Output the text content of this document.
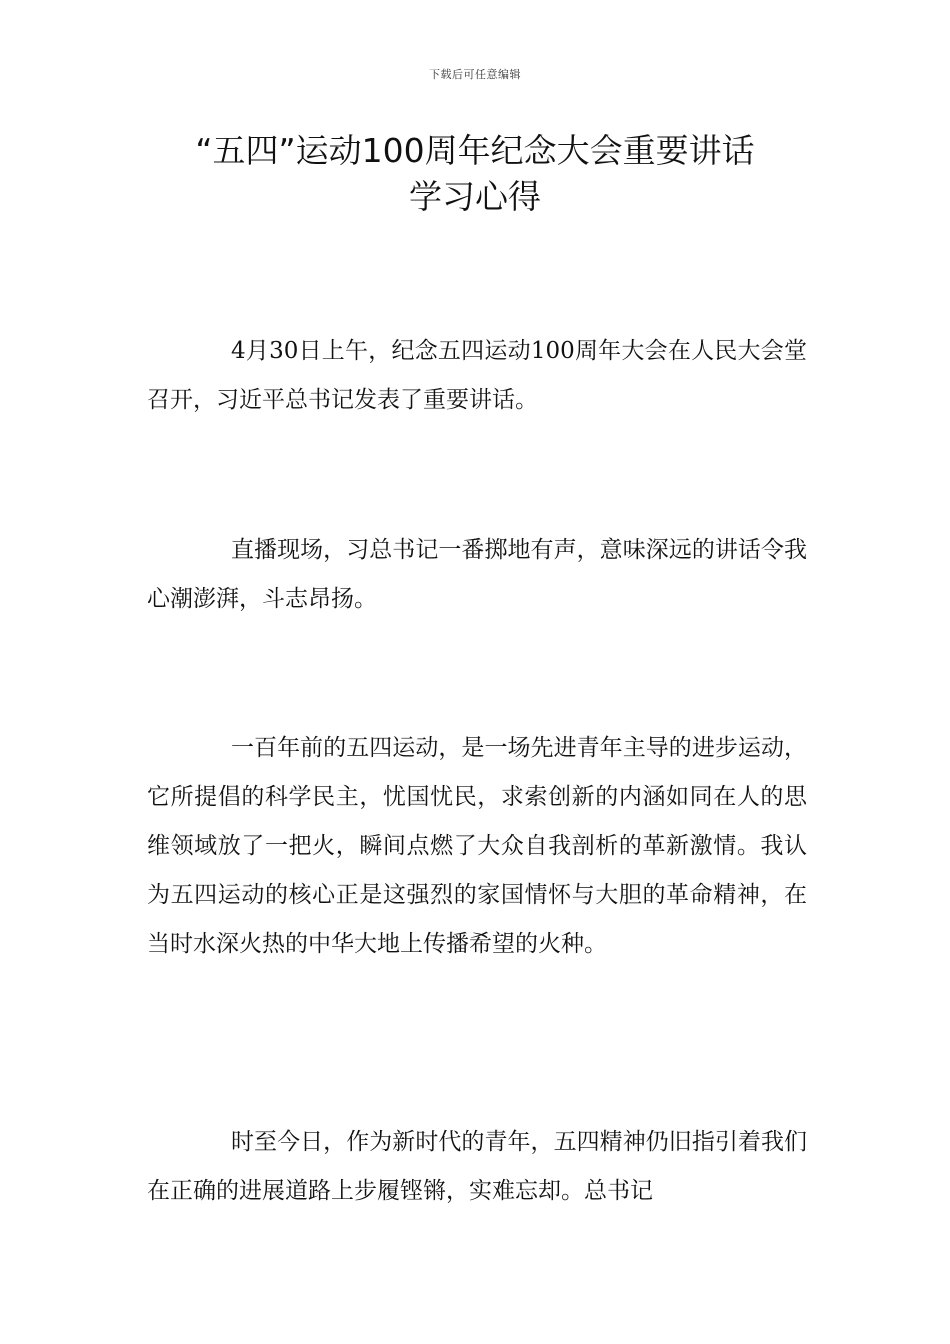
下载后可任意编辑
“五四”运动100周年纪念大会重要讲话
学习心得

4月30日上午，纪念五四运动100周年大会在人民大会堂召开，习近平总书记发表了重要讲话。

直播现场，习总书记一番掷地有声，意味深远的讲话令我心潮澎湃，斗志昂扬。

一百年前的五四运动，是一场先进青年主导的进步运动，它所提倡的科学民主，忧国忧民，求索创新的内涵如同在人的思维领域放了一把火，瞬间点燃了大众自我剖析的革新激情。我认为五四运动的核心正是这强烈的家国情怀与大胆的革命精神，在当时水深火热的中华大地上传播希望的火种。

时至今日，作为新时代的青年，五四精神仍旧指引着我们在正确的进展道路上步履铿锵，实难忘却。总书记
